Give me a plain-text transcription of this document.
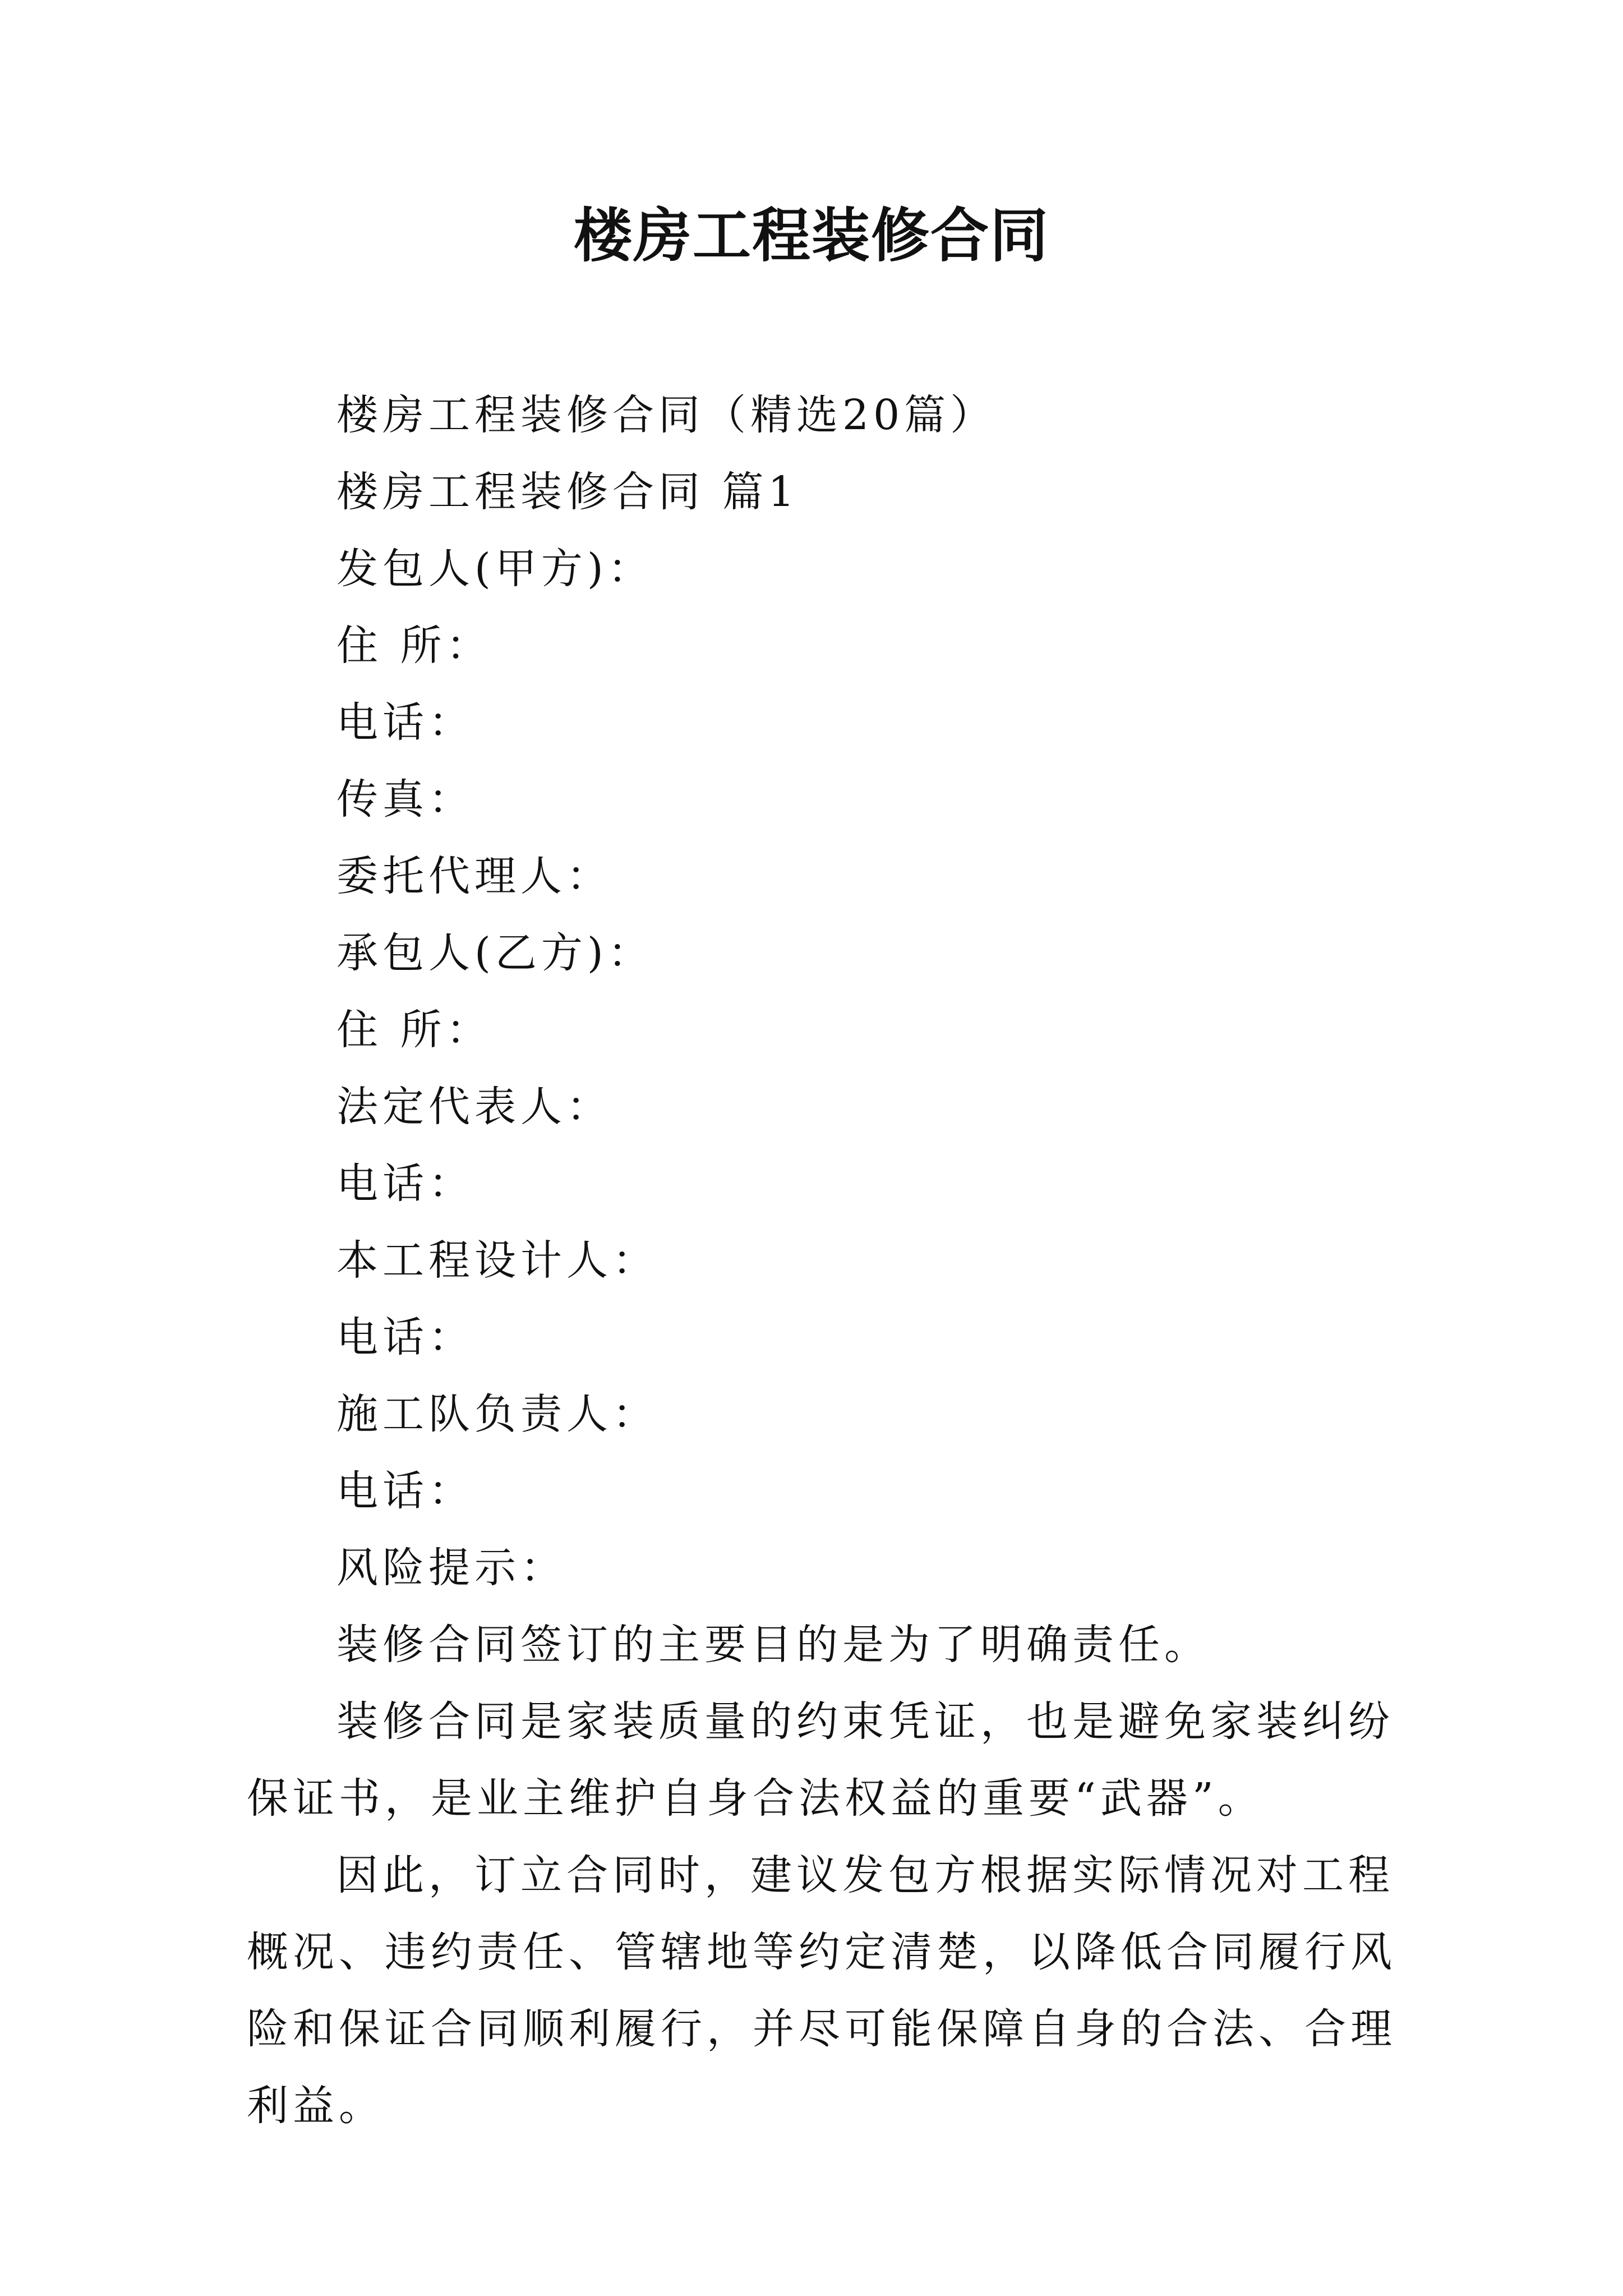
楼房工程装修合同

楼房工程装修合同（精选20篇）

楼房工程装修合同 篇1

发包人(甲方)：

住 所：

电话：

传真：

委托代理人：

承包人(乙方)：

住 所：

法定代表人：

电话：

本工程设计人：

电话：

施工队负责人：

电话：

风险提示：

装修合同签订的主要目的是为了明确责任。

装修合同是家装质量的约束凭证，也是避免家装纠纷保证书，是业主维护自身合法权益的重要“武器”。

因此，订立合同时，建议发包方根据实际情况对工程概况、违约责任、管辖地等约定清楚，以降低合同履行风险和保证合同顺利履行，并尽可能保障自身的合法、合理利益。
